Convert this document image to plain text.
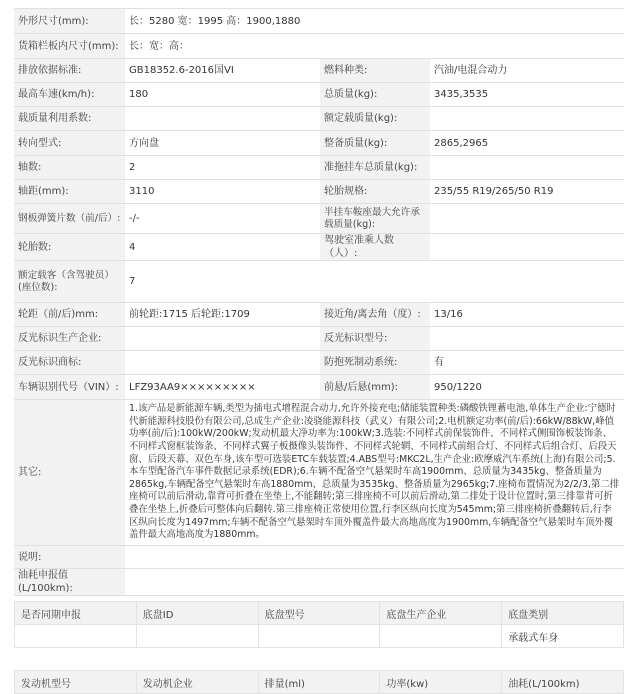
外形尺寸(mm):	长：5280 宽：1995 高：1900,1880		
货箱栏板内尺寸(mm):	长：宽：高：		
排放依据标准:	GB18352.6-2016国VI	燃料种类:	汽油/电混合动力
最高车速(km/h):	180	总质量(kg):	3435,3535
载质量利用系数:		额定载质量(kg):	
转向型式:	方向盘	整备质量(kg):	2865,2965
轴数:	2	准拖挂车总质量(kg):	
轴距(mm):	3110	轮胎规格:	235/55 R19/265/50 R19
钢板弹簧片数（前/后）:	-/-	半挂车鞍座最大允许承载质量(kg):	
轮胎数:	4	驾驶室准乘人数（人）:	
额定载客（含驾驶员）(座位数):	7		
轮距（前/后)mm:	前轮距:1715 后轮距:1709	接近角/离去角（度）:	13/16
反光标识生产企业:		反光标识型号:	
反光标识商标:		防抱死制动系统:	有
车辆识别代号（VIN）:	LFZ93AA9×××××××××	前悬/后悬(mm):	950/1220
其它:	1.该产品是新能源车辆,类型为插电式增程混合动力,允许外接充电;储能装置种类:磷酸铁锂蓄电池,单体生产企业:宁德时代新能源科技股份有限公司,总成生产企业:凌骁能源科技（武义）有限公司;2.电机额定功率(前/后):66kW/88kW,峰值功率(前/后):100kW/200kW;发动机最大净功率为:100kW;3.选装:不同样式前保装饰件、不同样式侧围饰板装饰条、不同样式窗框装饰条、不同样式翼子板摄像头装饰件、不同样式轮辋、不同样式前组合灯、不同样式后组合灯、后段天窗、后段天幕、双色车身,该车型可选装ETC车载装置;4.ABS型号:MKC2L,生产企业:欧摩威汽车系统(上海)有限公司;5.本车型配备汽车事件数据记录系统(EDR);6.车辆不配备空气悬架时车高1900mm、总质量为3435kg、整备质量为2865kg,车辆配备空气悬架时车高1880mm、总质量为3535kg、整备质量为2965kg;7.座椅布置情况为2/2/3,第二排座椅可以前后滑动,靠背可折叠在坐垫上,不能翻转;第三排座椅不可以前后滑动,第二排处于设计位置时,第三排靠背可折叠在坐垫上,折叠后可整体向后翻转.第三排座椅正常使用位置,行李区纵向长度为545mm;第三排座椅折叠翻转后,行李区纵向长度为1497mm;车辆不配备空气悬架时车顶外覆盖件最大高地高度为1900mm,车辆配备空气悬架时车顶外覆盖件最大高地高度为1880mm。		
说明:			
油耗申报值(L/100km):			
是否同期申报	底盘ID	底盘型号	底盘生产企业	底盘类别
				承载式车身
发动机型号	发动机企业	排量(ml)	功率(kw)	油耗(L/100km)
